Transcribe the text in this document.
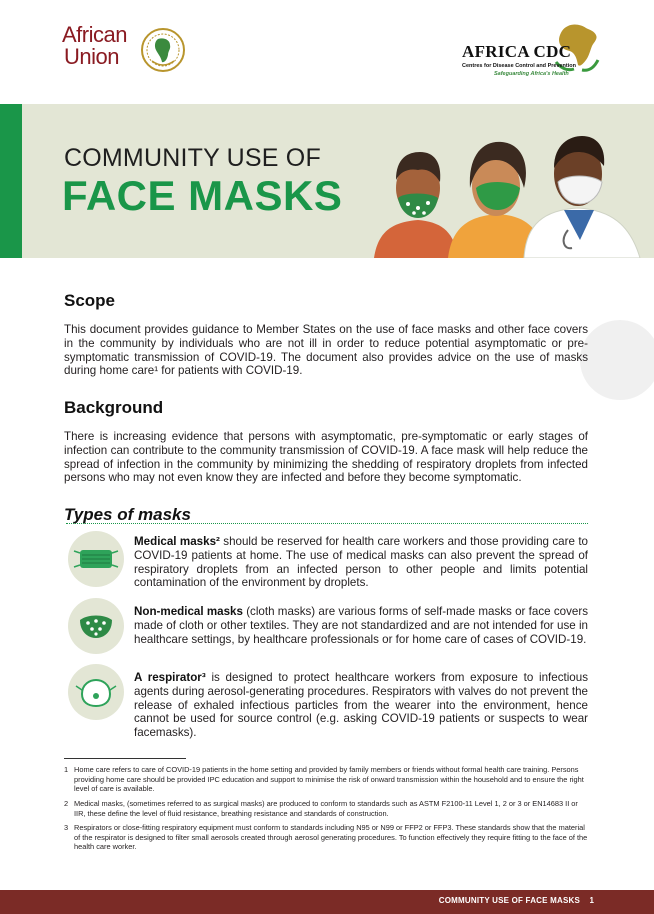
African
Union	AFRICA CDC
Centres for Disease Control and Prevention
Safeguarding Africa's Health
COMMUNITY USE OF
FACE MASKS
Scope
This document provides guidance to Member States on the use of face masks and other face covers in the community by individuals who are not ill in order to reduce potential asymptomatic or pre-symptomatic transmission of COVID-19. The document also provides advice on the use of masks during home care¹ for patients with COVID-19.
Background
There is increasing evidence that persons with asymptomatic, pre-symptomatic or early stages of infection can contribute to the community transmission of COVID-19. A face mask will help reduce the spread of infection in the community by minimizing the shedding of respiratory droplets from infected persons who may not even know they are infected and before they become symptomatic.
Types of masks
Medical masks² should be reserved for health care workers and those providing care to COVID-19 patients at home. The use of medical masks can also prevent the spread of respiratory droplets from an infected person to other people and limits potential contamination of the environment by droplets.
Non-medical masks (cloth masks) are various forms of self-made masks or face covers made of cloth or other textiles. They are not standardized and are not intended for use in healthcare settings, by healthcare professionals or for home care of cases of COVID-19.
A respirator³ is designed to protect healthcare workers from exposure to infectious agents during aerosol-generating procedures. Respirators with valves do not prevent the release of exhaled infectious particles from the wearer into the environment, hence cannot be used for source control (e.g. asking COVID-19 patients or suspects to wear facemasks).
1 Home care refers to care of COVID-19 patients in the home setting and provided by family members or friends without formal health care training. Persons providing home care should be provided IPC education and support to minimise the risk of onward transmission within the household and to ensure the right level of care is available.
2 Medical masks, (sometimes referred to as surgical masks) are produced to conform to standards such as ASTM F2100-11 Level 1, 2 or 3 or EN14683 II or IIR, these define the level of fluid resistance, breathing resistance and standards of construction.
3 Respirators or close-fitting respiratory equipment must conform to standards including N95 or N99 or FFP2 or FFP3. These standards show that the material of the respirator is designed to filter small aerosols created through aerosol generating procedures. To function effectively they require fitting to the face of the health care worker.
COMMUNITY USE OF FACE MASKS 1
